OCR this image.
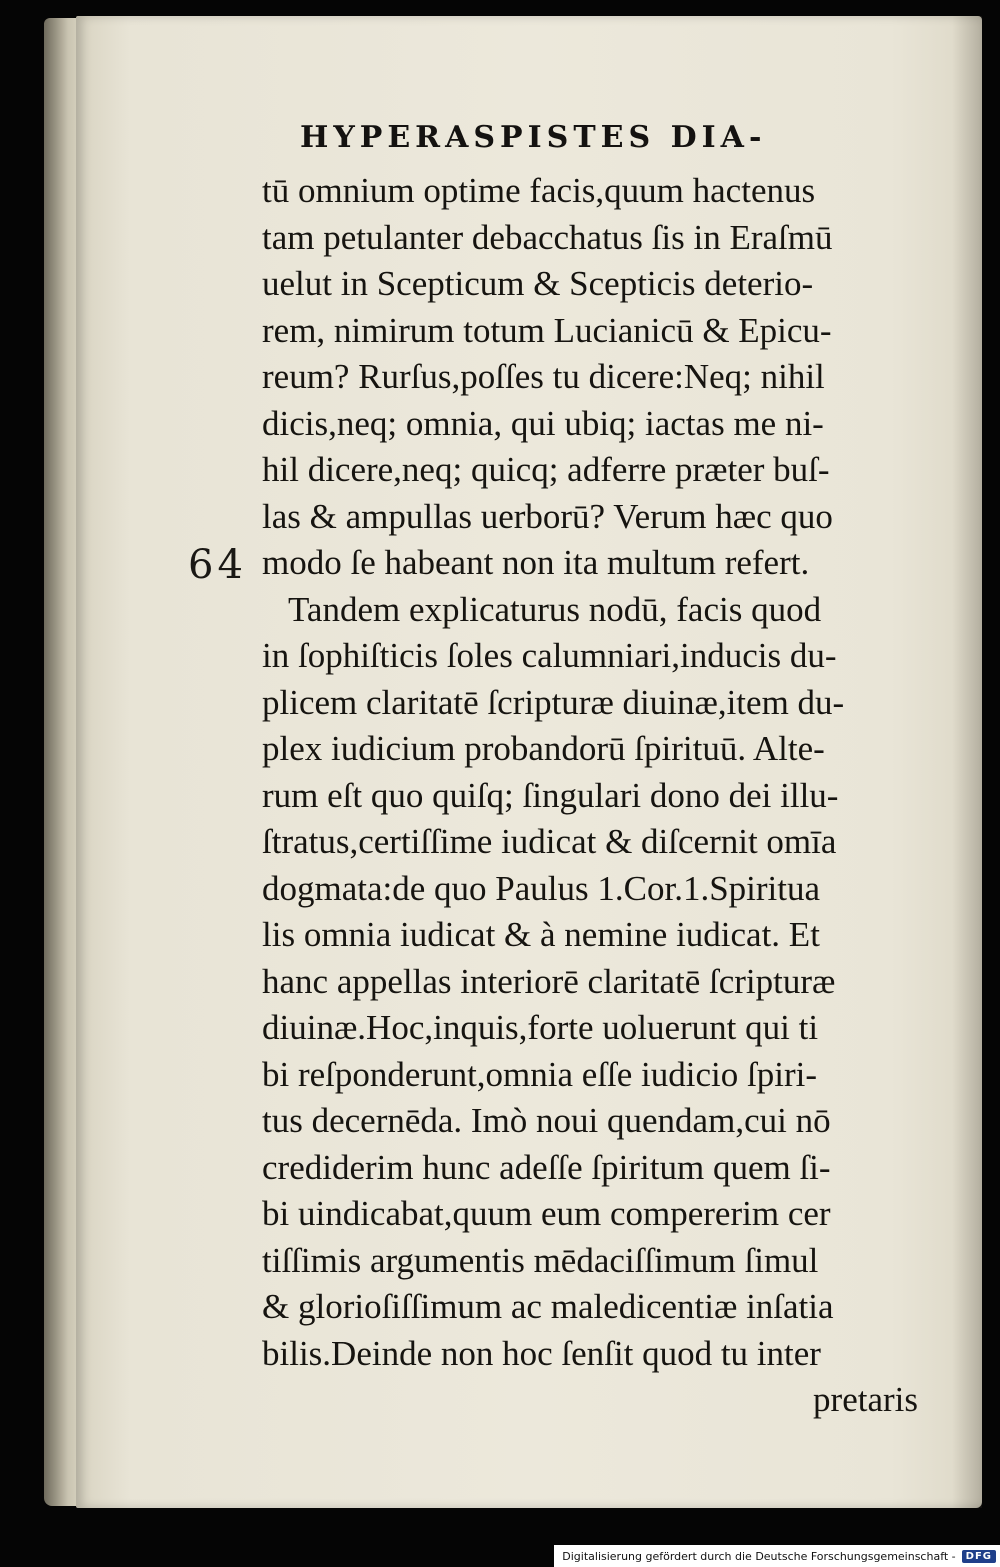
HYPERASPISTES DIA-
64
tū omnium optime facis,quum hactenus
tam petulanter debacchatus ſis in Eraſmū
uelut in Scepticum & Scepticis deterio-
rem, nimirum totum Lucianicū & Epicu-
reum? Rurſus,poſſes tu dicere:Neq; nihil
dicis,neq; omnia, qui ubiq; iactas me ni-
hil dicere,neq; quicq; adferre præter buſ-
las & ampullas uerborū? Verum hæc quo
modo ſe habeant non ita multum refert.
Tandem explicaturus nodū, facis quod
in ſophiſticis ſoles calumniari,inducis du-
plicem claritatē ſcripturæ diuinæ,item du-
plex iudicium probandorū ſpirituū. Alte-
rum eſt quo quiſq; ſingulari dono dei illu-
ſtratus,certiſſime iudicat & diſcernit omīa
dogmata:de quo Paulus 1.Cor.1.Spiritua
lis omnia iudicat & à nemine iudicat. Et
hanc appellas interiorē claritatē ſcripturæ
diuinæ.Hoc,inquis,forte uoluerunt qui ti
bi reſponderunt,omnia eſſe iudicio ſpiri-
tus decernēda. Imò noui quendam,cui nō
crediderim hunc adeſſe ſpiritum quem ſi-
bi uindicabat,quum eum compererim cer
tiſſimis argumentis mēdaciſſimum ſimul
& glorioſiſſimum ac maledicentiæ inſatia
bilis.Deinde non hoc ſenſit quod tu inter
pretaris
Digitalisierung gefördert durch die Deutsche Forschungsgemeinschaft -	DFG
